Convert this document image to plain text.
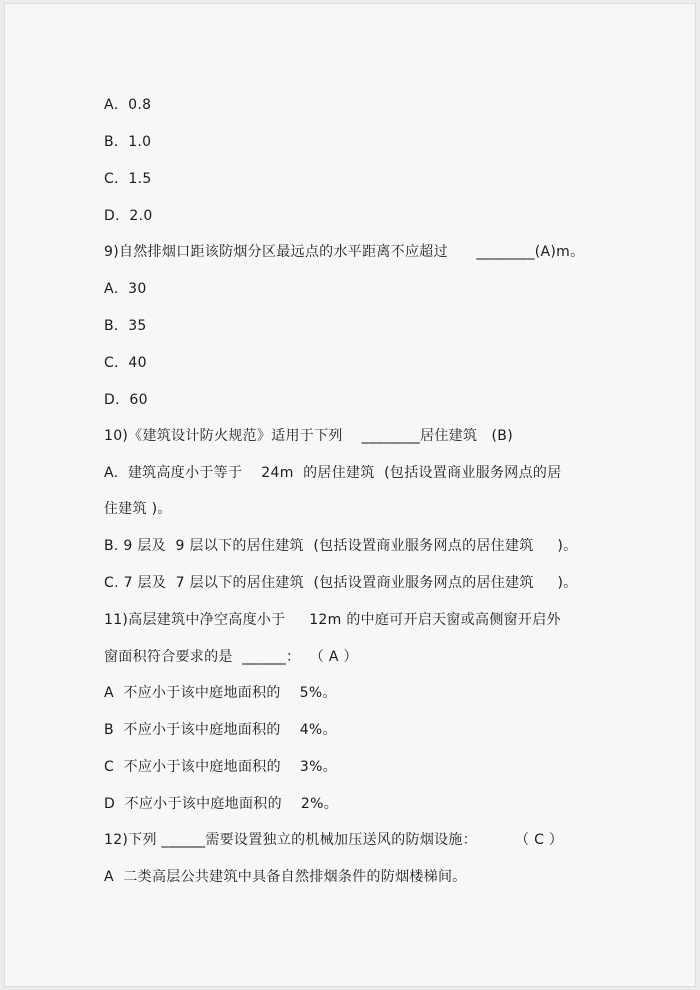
A．0.8
B．1.0
C．1.5
D．2.0
9)自然排烟口距该防烟分区最远点的水平距离不应超过      ________(A)m。
A．30
B．35
C．40
D．60
10)《建筑设计防火规范》适用于下列    ________居住建筑   (B)
A.  建筑高度小于等于    24m  的居住建筑  (包括设置商业服务网点的居
住建筑 )。
B. 9 层及  9 层以下的居住建筑  (包括设置商业服务网点的居住建筑     )。
C. 7 层及  7 层以下的居住建筑  (包括设置商业服务网点的居住建筑     )。
11)高层建筑中净空高度小于     12m 的中庭可开启天窗或高侧窗开启外
窗面积符合要求的是  ______：  （ A ）
A  不应小于该中庭地面积的    5%。
B  不应小于该中庭地面积的    4%。
C  不应小于该中庭地面积的    3%。
D  不应小于该中庭地面积的    2%。
12)下列 ______需要设置独立的机械加压送风的防烟设施：        （ C ）
A  二类高层公共建筑中具备自然排烟条件的防烟楼梯间。
